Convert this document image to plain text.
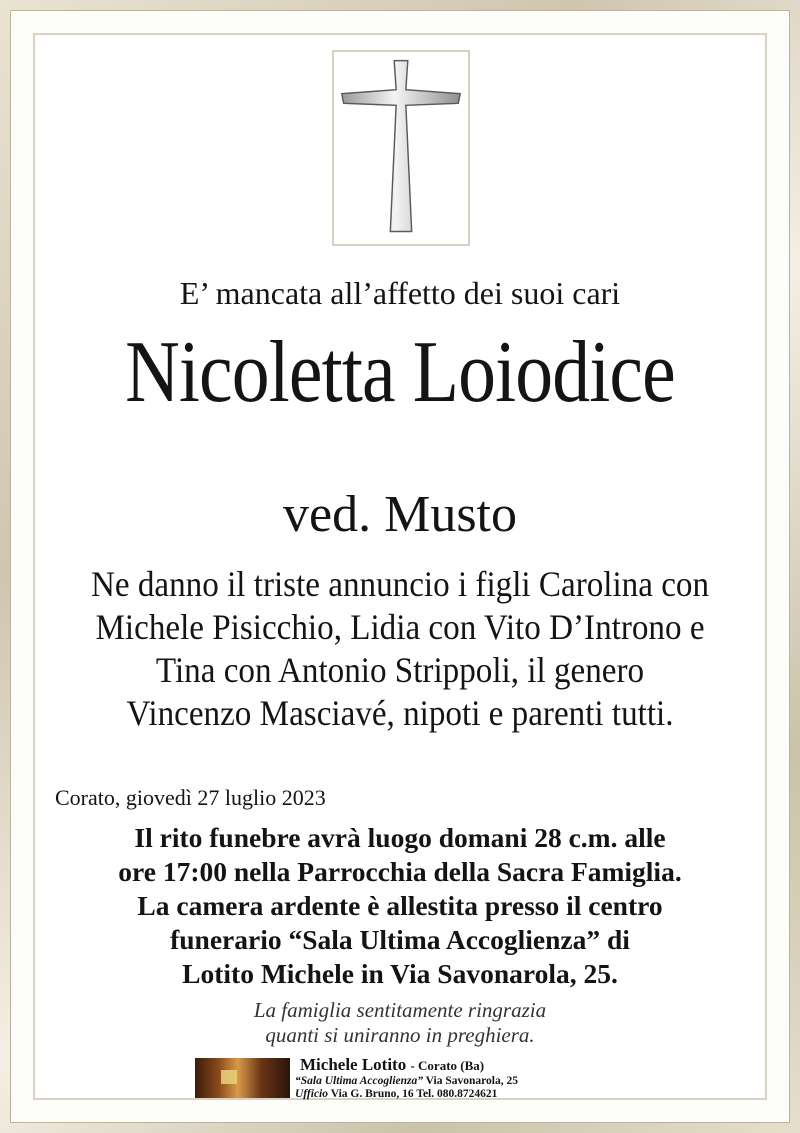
E’ mancata all’affetto dei suoi cari
Nicoletta Loiodice
ved. Musto
Ne danno il triste annuncio i figli Carolina con
Michele Pisicchio, Lidia con Vito D’Introno e
Tina con Antonio Strippoli, il genero
Vincenzo Masciavé, nipoti e parenti tutti.
Corato, giovedì 27 luglio 2023
Il rito funebre avrà luogo domani 28 c.m. alle
ore 17:00 nella Parrocchia della Sacra Famiglia.
La camera ardente è allestita presso il centro
funerario “Sala Ultima Accoglienza” di
Lotito Michele in Via Savonarola, 25.
La famiglia sentitamente ringrazia
quanti si uniranno in preghiera.
Michele Lotito - Corato (Ba)
“Sala Ultima Accoglienza” Via Savonarola, 25
Ufficio Via G. Bruno, 16 Tel. 080.8724621
